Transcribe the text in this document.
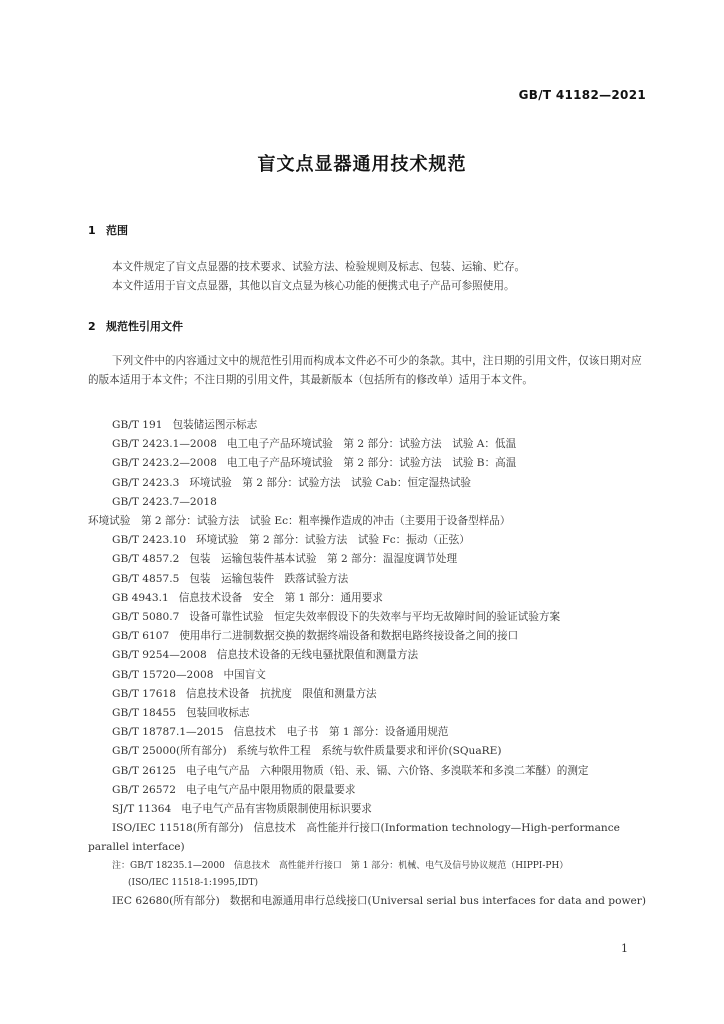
GB/T 41182—2021
盲文点显器通用技术规范
1 范围
本文件规定了盲文点显器的技术要求、试验方法、检验规则及标志、包装、运输、贮存。
本文件适用于盲文点显器，其他以盲文点显为核心功能的便携式电子产品可参照使用。
2 规范性引用文件
下列文件中的内容通过文中的规范性引用而构成本文件必不可少的条款。其中，注日期的引用文件，仅该日期对应的版本适用于本文件；不注日期的引用文件，其最新版本（包括所有的修改单）适用于本文件。

GB/T 191 包装储运图示标志

GB/T 2423.1—2008 电工电子产品环境试验　第 2 部分：试验方法　试验 A：低温

GB/T 2423.2—2008 电工电子产品环境试验　第 2 部分：试验方法　试验 B：高温

GB/T 2423.3 环境试验　第 2 部分：试验方法　试验 Cab：恒定湿热试验

GB/T 2423.7—2018环境试验　第 2 部分：试验方法　试验 Ec：粗率操作造成的冲击（主要用于设备型样品）

GB/T 2423.10 环境试验　第 2 部分：试验方法　试验 Fc：振动（正弦）

GB/T 4857.2 包装　运输包装件基本试验　第 2 部分：温湿度调节处理

GB/T 4857.5 包装　运输包装件　跌落试验方法

GB 4943.1 信息技术设备　安全　第 1 部分：通用要求

GB/T 5080.7 设备可靠性试验　恒定失效率假设下的失效率与平均无故障时间的验证试验方案

GB/T 6107 使用串行二进制数据交换的数据终端设备和数据电路终接设备之间的接口

GB/T 9254—2008 信息技术设备的无线电骚扰限值和测量方法

GB/T 15720—2008 中国盲文

GB/T 17618 信息技术设备　抗扰度　限值和测量方法

GB/T 18455 包装回收标志

GB/T 18787.1—2015 信息技术　电子书　第 1 部分：设备通用规范

GB/T 25000(所有部分) 系统与软件工程　系统与软件质量要求和评价(SQuaRE)

GB/T 26125 电子电气产品　六种限用物质（铅、汞、镉、六价铬、多溴联苯和多溴二苯醚）的测定

GB/T 26572 电子电气产品中限用物质的限量要求

SJ/T 11364 电子电气产品有害物质限制使用标识要求

ISO/IEC 11518(所有部分) 信息技术　高性能并行接口(Information technology—High-performance parallel interface)

注：GB/T 18235.1—2000　信息技术　高性能并行接口　第 1 部分：机械、电气及信号协议规范（HIPPI-PH）
(ISO/IEC 11518-1:1995,IDT)

IEC 62680(所有部分) 数据和电源通用串行总线接口(Universal serial bus interfaces for data and power)

1
